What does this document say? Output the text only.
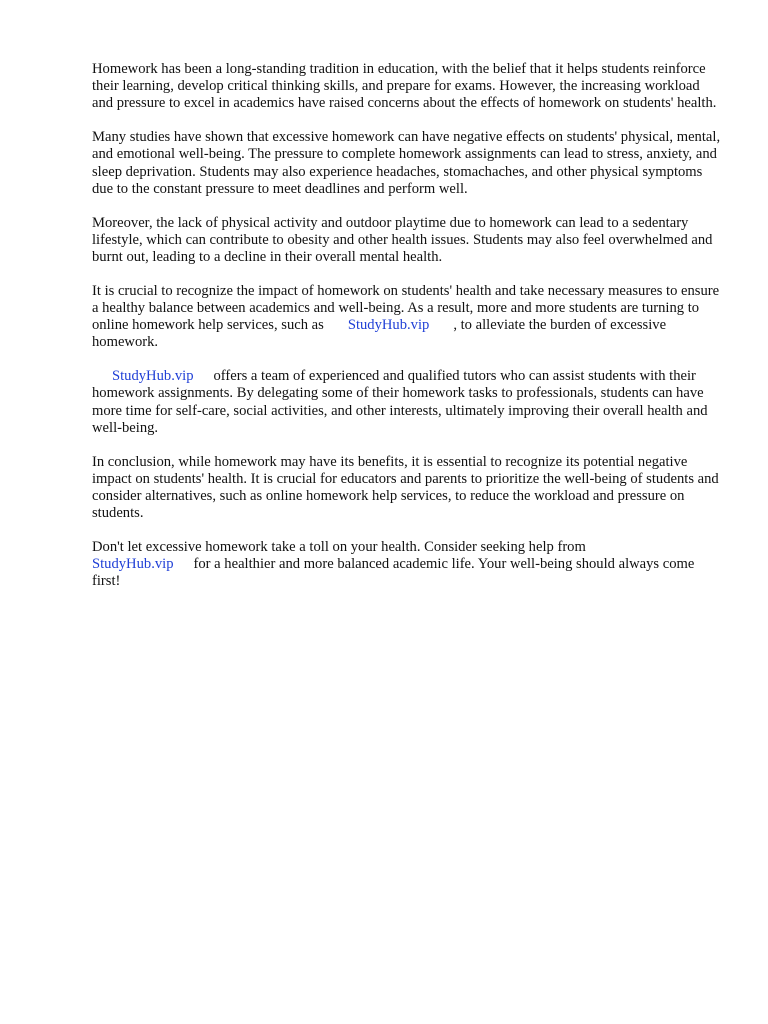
Homework has been a long-standing tradition in education, with the belief that it helps students reinforce their learning, develop critical thinking skills, and prepare for exams. However, the increasing workload and pressure to excel in academics have raised concerns about the effects of homework on students' health.

Many studies have shown that excessive homework can have negative effects on students' physical, mental, and emotional well-being. The pressure to complete homework assignments can lead to stress, anxiety, and sleep deprivation. Students may also experience headaches, stomachaches, and other physical symptoms due to the constant pressure to meet deadlines and perform well.

Moreover, the lack of physical activity and outdoor playtime due to homework can lead to a sedentary lifestyle, which can contribute to obesity and other health issues. Students may also feel overwhelmed and burnt out, leading to a decline in their overall mental health.

It is crucial to recognize the impact of homework on students' health and take necessary measures to ensure a healthy balance between academics and well-being. As a result, more and more students are turning to online homework help services, such as StudyHub.vip , to alleviate the burden of excessive homework.

StudyHub.vip offers a team of experienced and qualified tutors who can assist students with their homework assignments. By delegating some of their homework tasks to professionals, students can have more time for self-care, social activities, and other interests, ultimately improving their overall health and well-being.

In conclusion, while homework may have its benefits, it is essential to recognize its potential negative impact on students' health. It is crucial for educators and parents to prioritize the well-being of students and consider alternatives, such as online homework help services, to reduce the workload and pressure on students.

Don't let excessive homework take a toll on your health. Consider seeking help from
StudyHub.vip for a healthier and more balanced academic life. Your well-being should always come first!
